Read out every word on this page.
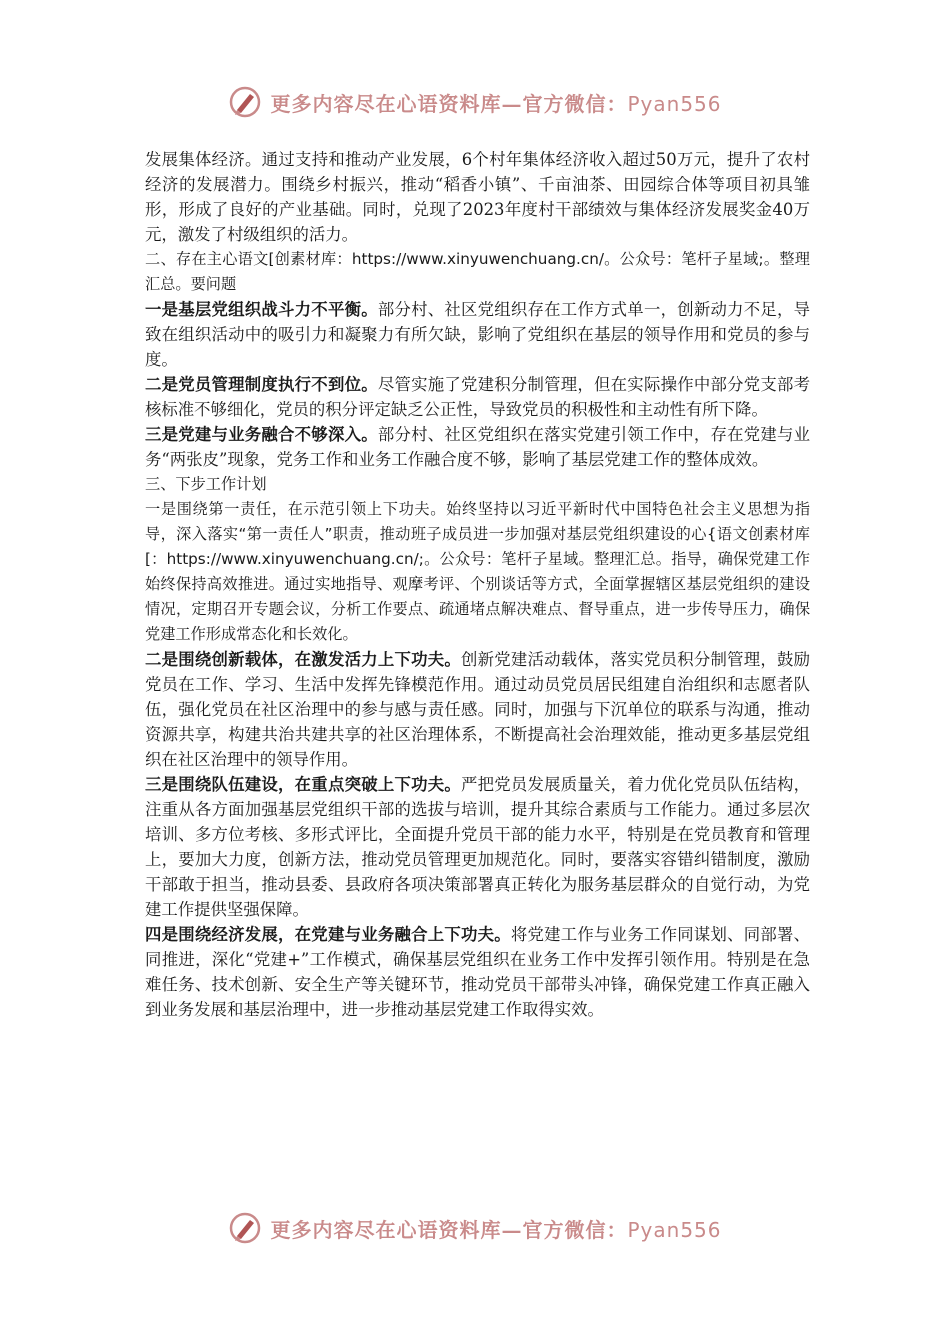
更多内容尽在心语资料库—官方微信：Pyan556

发展集体经济。通过支持和推动产业发展，6个村年集体经济收入超过50万元，提升了农村经济的发展潜力。围绕乡村振兴，推动“稻香小镇”、千亩油茶、田园综合体等项目初具雏形，形成了良好的产业基础。同时，兑现了2023年度村干部绩效与集体经济发展奖金40万元，激发了村级组织的活力。

二、存在主心语文[创素材库：https://www.xinyuwenchuang.cn/。公众号：笔杆子星域;。整理汇总。要问题

一是基层党组织战斗力不平衡。部分村、社区党组织存在工作方式单一，创新动力不足，导致在组织活动中的吸引力和凝聚力有所欠缺，影响了党组织在基层的领导作用和党员的参与度。

二是党员管理制度执行不到位。尽管实施了党建积分制管理，但在实际操作中部分党支部考核标准不够细化，党员的积分评定缺乏公正性，导致党员的积极性和主动性有所下降。

三是党建与业务融合不够深入。部分村、社区党组织在落实党建引领工作中，存在党建与业务“两张皮”现象，党务工作和业务工作融合度不够，影响了基层党建工作的整体成效。

三、下步工作计划

一是围绕第一责任，在示范引领上下功夫。始终坚持以习近平新时代中国特色社会主义思想为指导，深入落实“第一责任人”职责，推动班子成员进一步加强对基层党组织建设的心{语文创素材库[：https://www.xinyuwenchuang.cn/;。公众号：笔杆子星域。整理汇总。指导，确保党建工作始终保持高效推进。通过实地指导、观摩考评、个别谈话等方式，全面掌握辖区基层党组织的建设情况，定期召开专题会议，分析工作要点、疏通堵点解决难点、督导重点，进一步传导压力，确保党建工作形成常态化和长效化。

二是围绕创新载体，在激发活力上下功夫。创新党建活动载体，落实党员积分制管理，鼓励党员在工作、学习、生活中发挥先锋模范作用。通过动员党员居民组建自治组织和志愿者队伍，强化党员在社区治理中的参与感与责任感。同时，加强与下沉单位的联系与沟通，推动资源共享，构建共治共建共享的社区治理体系，不断提高社会治理效能，推动更多基层党组织在社区治理中的领导作用。

三是围绕队伍建设，在重点突破上下功夫。严把党员发展质量关，着力优化党员队伍结构，注重从各方面加强基层党组织干部的选拔与培训，提升其综合素质与工作能力。通过多层次培训、多方位考核、多形式评比，全面提升党员干部的能力水平，特别是在党员教育和管理上，要加大力度，创新方法，推动党员管理更加规范化。同时，要落实容错纠错制度，激励干部敢于担当，推动县委、县政府各项决策部署真正转化为服务基层群众的自觉行动，为党建工作提供坚强保障。

四是围绕经济发展，在党建与业务融合上下功夫。将党建工作与业务工作同谋划、同部署、同推进，深化“党建+”工作模式，确保基层党组织在业务工作中发挥引领作用。特别是在急难任务、技术创新、安全生产等关键环节，推动党员干部带头冲锋，确保党建工作真正融入到业务发展和基层治理中，进一步推动基层党建工作取得实效。

更多内容尽在心语资料库—官方微信：Pyan556
